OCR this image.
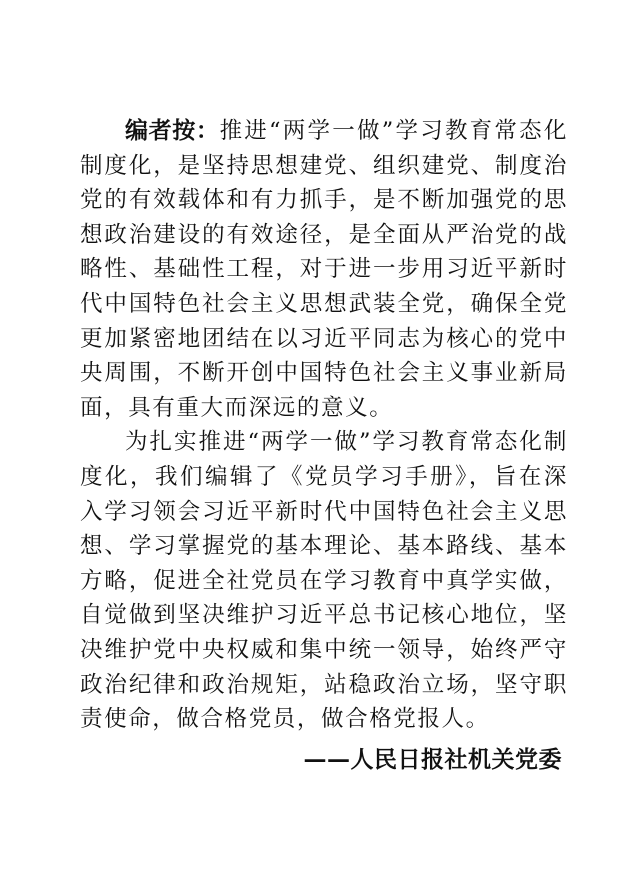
编者按：推进“两学一做”学习教育常态化制度化，是坚持思想建党、组织建党、制度治党的有效载体和有力抓手，是不断加强党的思想政治建设的有效途径，是全面从严治党的战略性、基础性工程，对于进一步用习近平新时代中国特色社会主义思想武装全党，确保全党更加紧密地团结在以习近平同志为核心的党中央周围，不断开创中国特色社会主义事业新局面，具有重大而深远的意义。

为扎实推进“两学一做”学习教育常态化制度化，我们编辑了《党员学习手册》，旨在深入学习领会习近平新时代中国特色社会主义思想、学习掌握党的基本理论、基本路线、基本方略，促进全社党员在学习教育中真学实做，自觉做到坚决维护习近平总书记核心地位，坚决维护党中央权威和集中统一领导，始终严守政治纪律和政治规矩，站稳政治立场，坚守职责使命，做合格党员，做合格党报人。

——人民日报社机关党委
